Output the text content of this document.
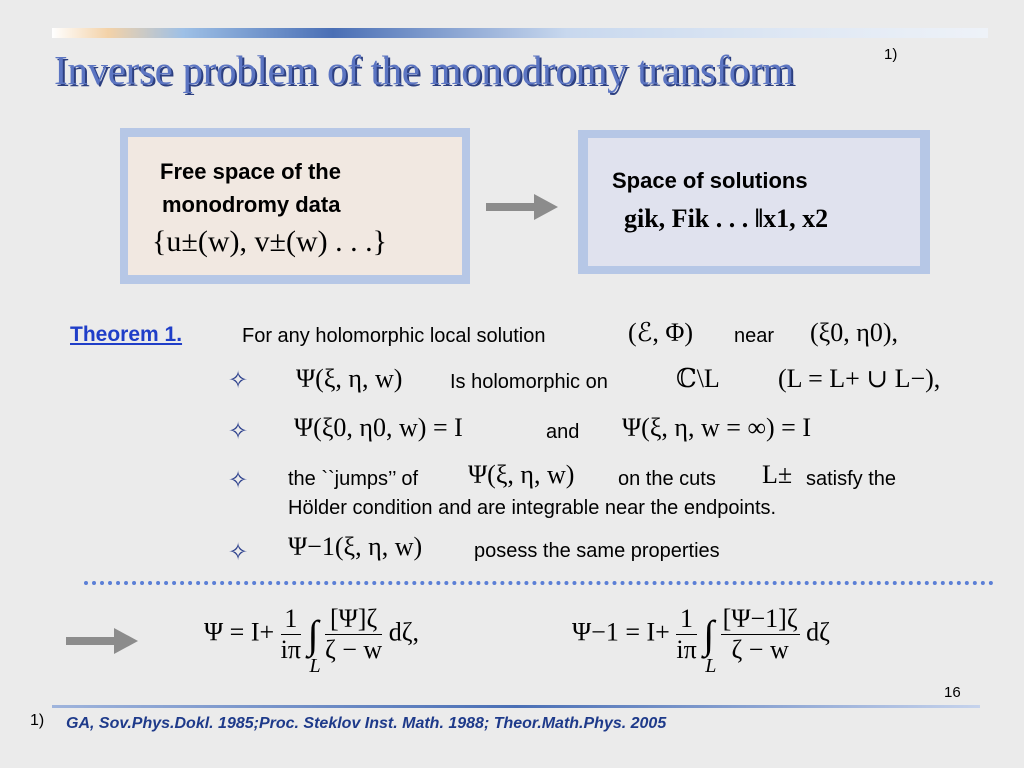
Inverse problem of the monodromy transform	1)
Free space of the
monodromy data
{u±(w), v±(w) . . .}
Space of solutions
gik, Fik . . . ‖x1, x2
Theorem 1.	For any holomorphic local solution	(ℰ, Φ) near (ξ0, η0),
✧ Ψ(ξ, η, w) Is holomorphic on	ℂ\L (L = L+ ∪ L−),
✧ Ψ(ξ0, η0, w) = I	and Ψ(ξ, η, w = ∞) = I
✧ the ``jumps’’ of Ψ(ξ, η, w) on the cuts L± satisfy the
Hölder condition and are integrable near the endpoints.
✧ Ψ−1(ξ, η, w)	posess the same properties
$\Psi = I+ \frac{1}{i\pi}$ ∫
L

$\frac{[\Psi]\zeta}{\zeta - w} d\zeta$,	$\Psi-1 = I+ \frac{1}{i\pi}$ ∫
L

$\frac{[\Psi-1]\zeta}{\zeta - w}$ dζ
16
1) GA, Sov.Phys.Dokl. 1985;Proc. Steklov Inst. Math. 1988; Theor.Math.Phys. 2005
